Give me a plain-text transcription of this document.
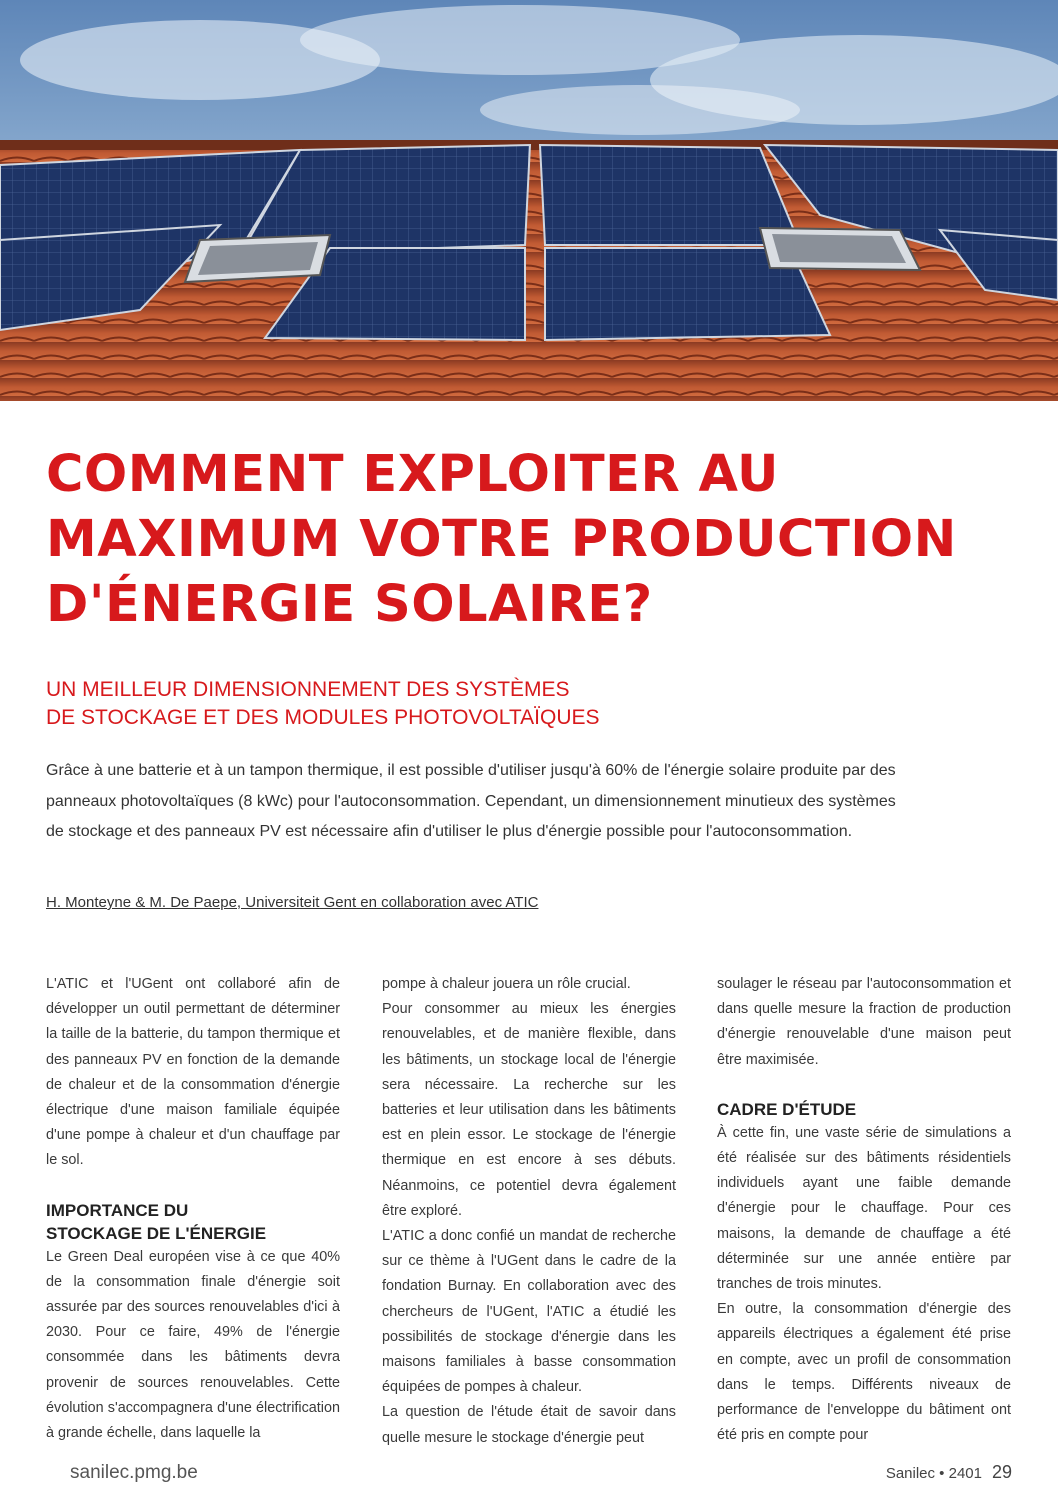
COMMENT EXPLOITER AU MAXIMUM VOTRE PRODUCTION D'ÉNERGIE SOLAIRE?
UN MEILLEUR DIMENSIONNEMENT DES SYSTÈMES
DE STOCKAGE ET DES MODULES PHOTOVOLTAÏQUES

Grâce à une batterie et à un tampon thermique, il est possible d'utiliser jusqu'à 60% de l'énergie solaire produite par des panneaux photovoltaïques (8 kWc) pour l'autoconsommation. Cependant, un dimensionnement minutieux des systèmes de stockage et des panneaux PV est nécessaire afin d'utiliser le plus d'énergie possible pour l'autoconsommation.

H. Monteyne & M. De Paepe, Universiteit Gent en collaboration avec ATIC

L'ATIC et l'UGent ont collaboré afin de développer un outil permettant de déterminer la taille de la batterie, du tampon thermique et des panneaux PV en fonction de la demande de chaleur et de la consommation d'énergie électrique d'une maison familiale équipée d'une pompe à chaleur et d'un chauffage par le sol.

IMPORTANCE DU
STOCKAGE DE L'ÉNERGIE

Le Green Deal européen vise à ce que 40% de la consommation finale d'énergie soit assurée par des sources renouvelables d'ici à 2030. Pour ce faire, 49% de l'énergie consommée dans les bâtiments devra provenir de sources renouvelables. Cette évolution s'accompagnera d'une électrification à grande échelle, dans laquelle la

pompe à chaleur jouera un rôle crucial.

Pour consommer au mieux les énergies renouvelables, et de manière flexible, dans les bâtiments, un stockage local de l'énergie sera nécessaire. La recherche sur les batteries et leur utilisation dans les bâtiments est en plein essor. Le stockage de l'énergie thermique en est encore à ses débuts. Néanmoins, ce potentiel devra également être exploré.

L'ATIC a donc confié un mandat de recherche sur ce thème à l'UGent dans le cadre de la fondation Burnay. En collaboration avec des chercheurs de l'UGent, l'ATIC a étudié les possibilités de stockage d'énergie dans les maisons familiales à basse consommation équipées de pompes à chaleur.

La question de l'étude était de savoir dans quelle mesure le stockage d'énergie peut

soulager le réseau par l'autoconsommation et dans quelle mesure la fraction de production d'énergie renouvelable d'une maison peut être maximisée.

CADRE D'ÉTUDE

À cette fin, une vaste série de simulations a été réalisée sur des bâtiments résidentiels individuels ayant une faible demande d'énergie pour le chauffage. Pour ces maisons, la demande de chauffage a été déterminée sur une année entière par tranches de trois minutes.

En outre, la consommation d'énergie des appareils électriques a également été prise en compte, avec un profil de consommation dans le temps. Différents niveaux de performance de l'enveloppe du bâtiment ont été pris en compte pour

sanilec.pmg.be	Sanilec • 2401 29
